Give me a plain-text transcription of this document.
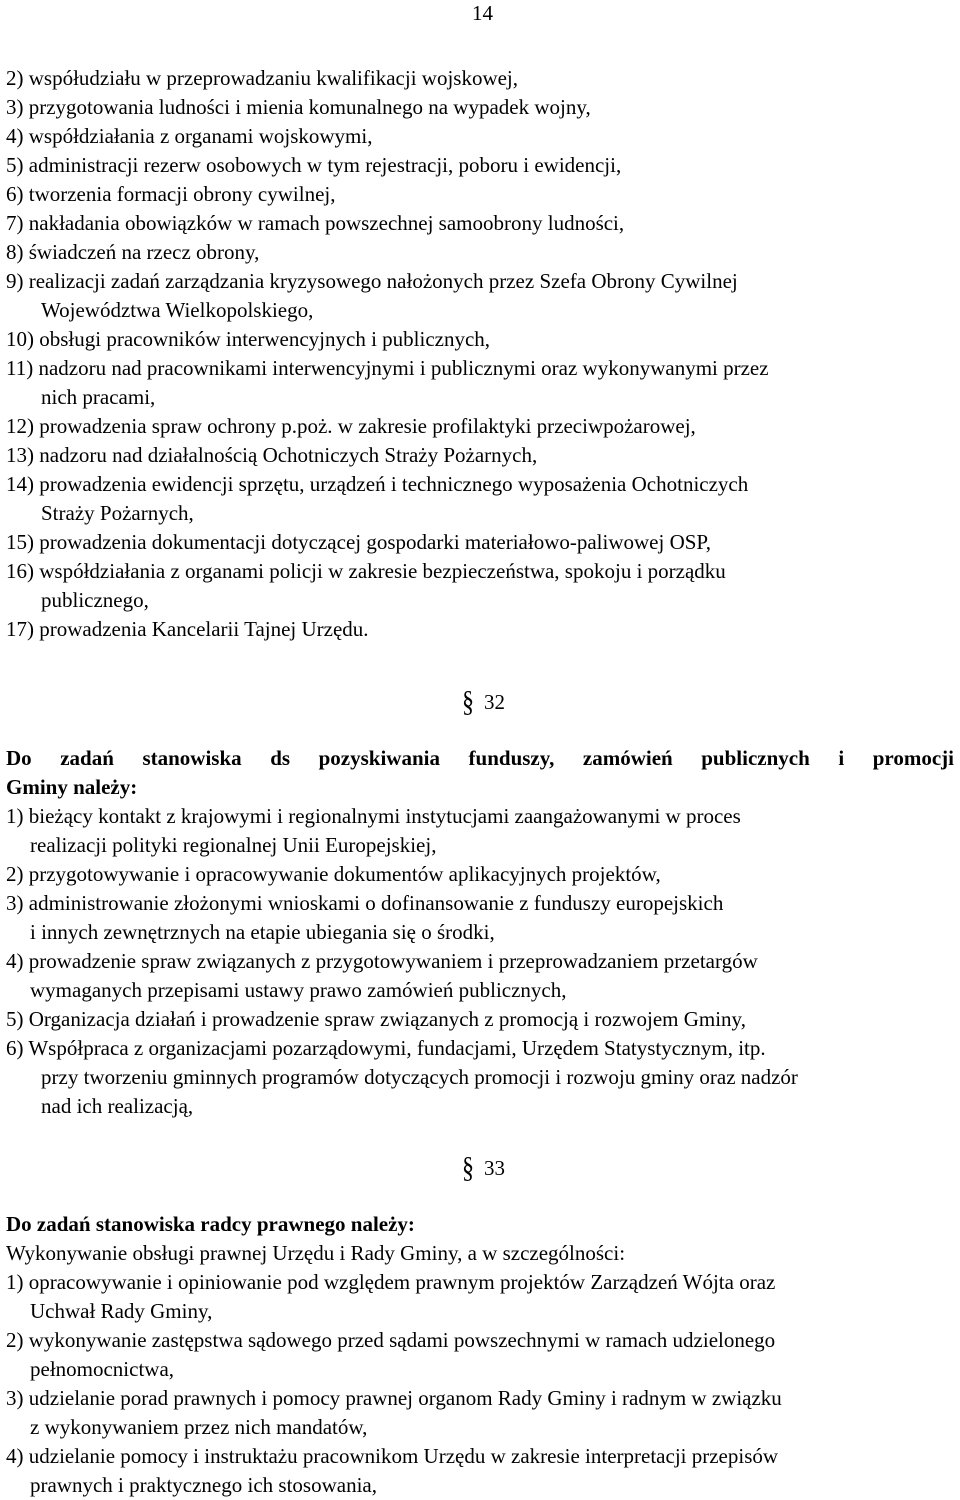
14
2) współudziału w przeprowadzaniu kwalifikacji wojskowej,
3) przygotowania ludności i mienia komunalnego na wypadek wojny,
4) współdziałania z organami wojskowymi,
5) administracji rezerw osobowych w tym rejestracji, poboru i ewidencji,
6) tworzenia formacji obrony cywilnej,
7) nakładania obowiązków w ramach powszechnej samoobrony ludności,
8) świadczeń na rzecz obrony,
9) realizacji zadań zarządzania kryzysowego nałożonych przez Szefa Obrony Cywilnej
Województwa Wielkopolskiego,
10) obsługi pracowników interwencyjnych i publicznych,
11) nadzoru nad pracownikami interwencyjnymi i publicznymi oraz wykonywanymi przez
nich pracami,
12) prowadzenia spraw ochrony p.poż. w zakresie profilaktyki przeciwpożarowej,
13) nadzoru nad działalnością Ochotniczych Straży Pożarnych,
14) prowadzenia ewidencji sprzętu, urządzeń i technicznego wyposażenia Ochotniczych
Straży Pożarnych,
15) prowadzenia dokumentacji dotyczącej gospodarki materiałowo-paliwowej OSP,
16) współdziałania z organami policji w zakresie bezpieczeństwa, spokoju i porządku
publicznego,
17) prowadzenia Kancelarii Tajnej Urzędu.
§ 32
Do zadań stanowiska ds pozyskiwania funduszy, zamówień publicznych i promocji
Gminy należy:
1) bieżący kontakt z krajowymi i regionalnymi instytucjami zaangażowanymi w proces
realizacji polityki regionalnej Unii Europejskiej,
2) przygotowywanie i opracowywanie dokumentów aplikacyjnych projektów,
3) administrowanie złożonymi wnioskami o dofinansowanie z funduszy europejskich
i innych zewnętrznych na etapie ubiegania się o środki,
4) prowadzenie spraw związanych z przygotowywaniem i przeprowadzaniem przetargów
wymaganych przepisami ustawy prawo zamówień publicznych,
5) Organizacja działań i prowadzenie spraw związanych z promocją i rozwojem Gminy,
6) Współpraca z organizacjami pozarządowymi, fundacjami, Urzędem Statystycznym, itp.
przy tworzeniu gminnych programów dotyczących promocji i rozwoju gminy oraz nadzór
nad ich realizacją,
§ 33
Do zadań stanowiska radcy prawnego należy:
Wykonywanie obsługi prawnej Urzędu i Rady Gminy, a w szczególności:
1) opracowywanie i opiniowanie pod względem prawnym projektów Zarządzeń Wójta oraz
Uchwał Rady Gminy,
2) wykonywanie zastępstwa sądowego przed sądami powszechnymi w ramach udzielonego
pełnomocnictwa,
3) udzielanie porad prawnych i pomocy prawnej organom Rady Gminy i radnym w związku
z wykonywaniem przez nich mandatów,
4) udzielanie pomocy i instruktażu pracownikom Urzędu w zakresie interpretacji przepisów
prawnych i praktycznego ich stosowania,
